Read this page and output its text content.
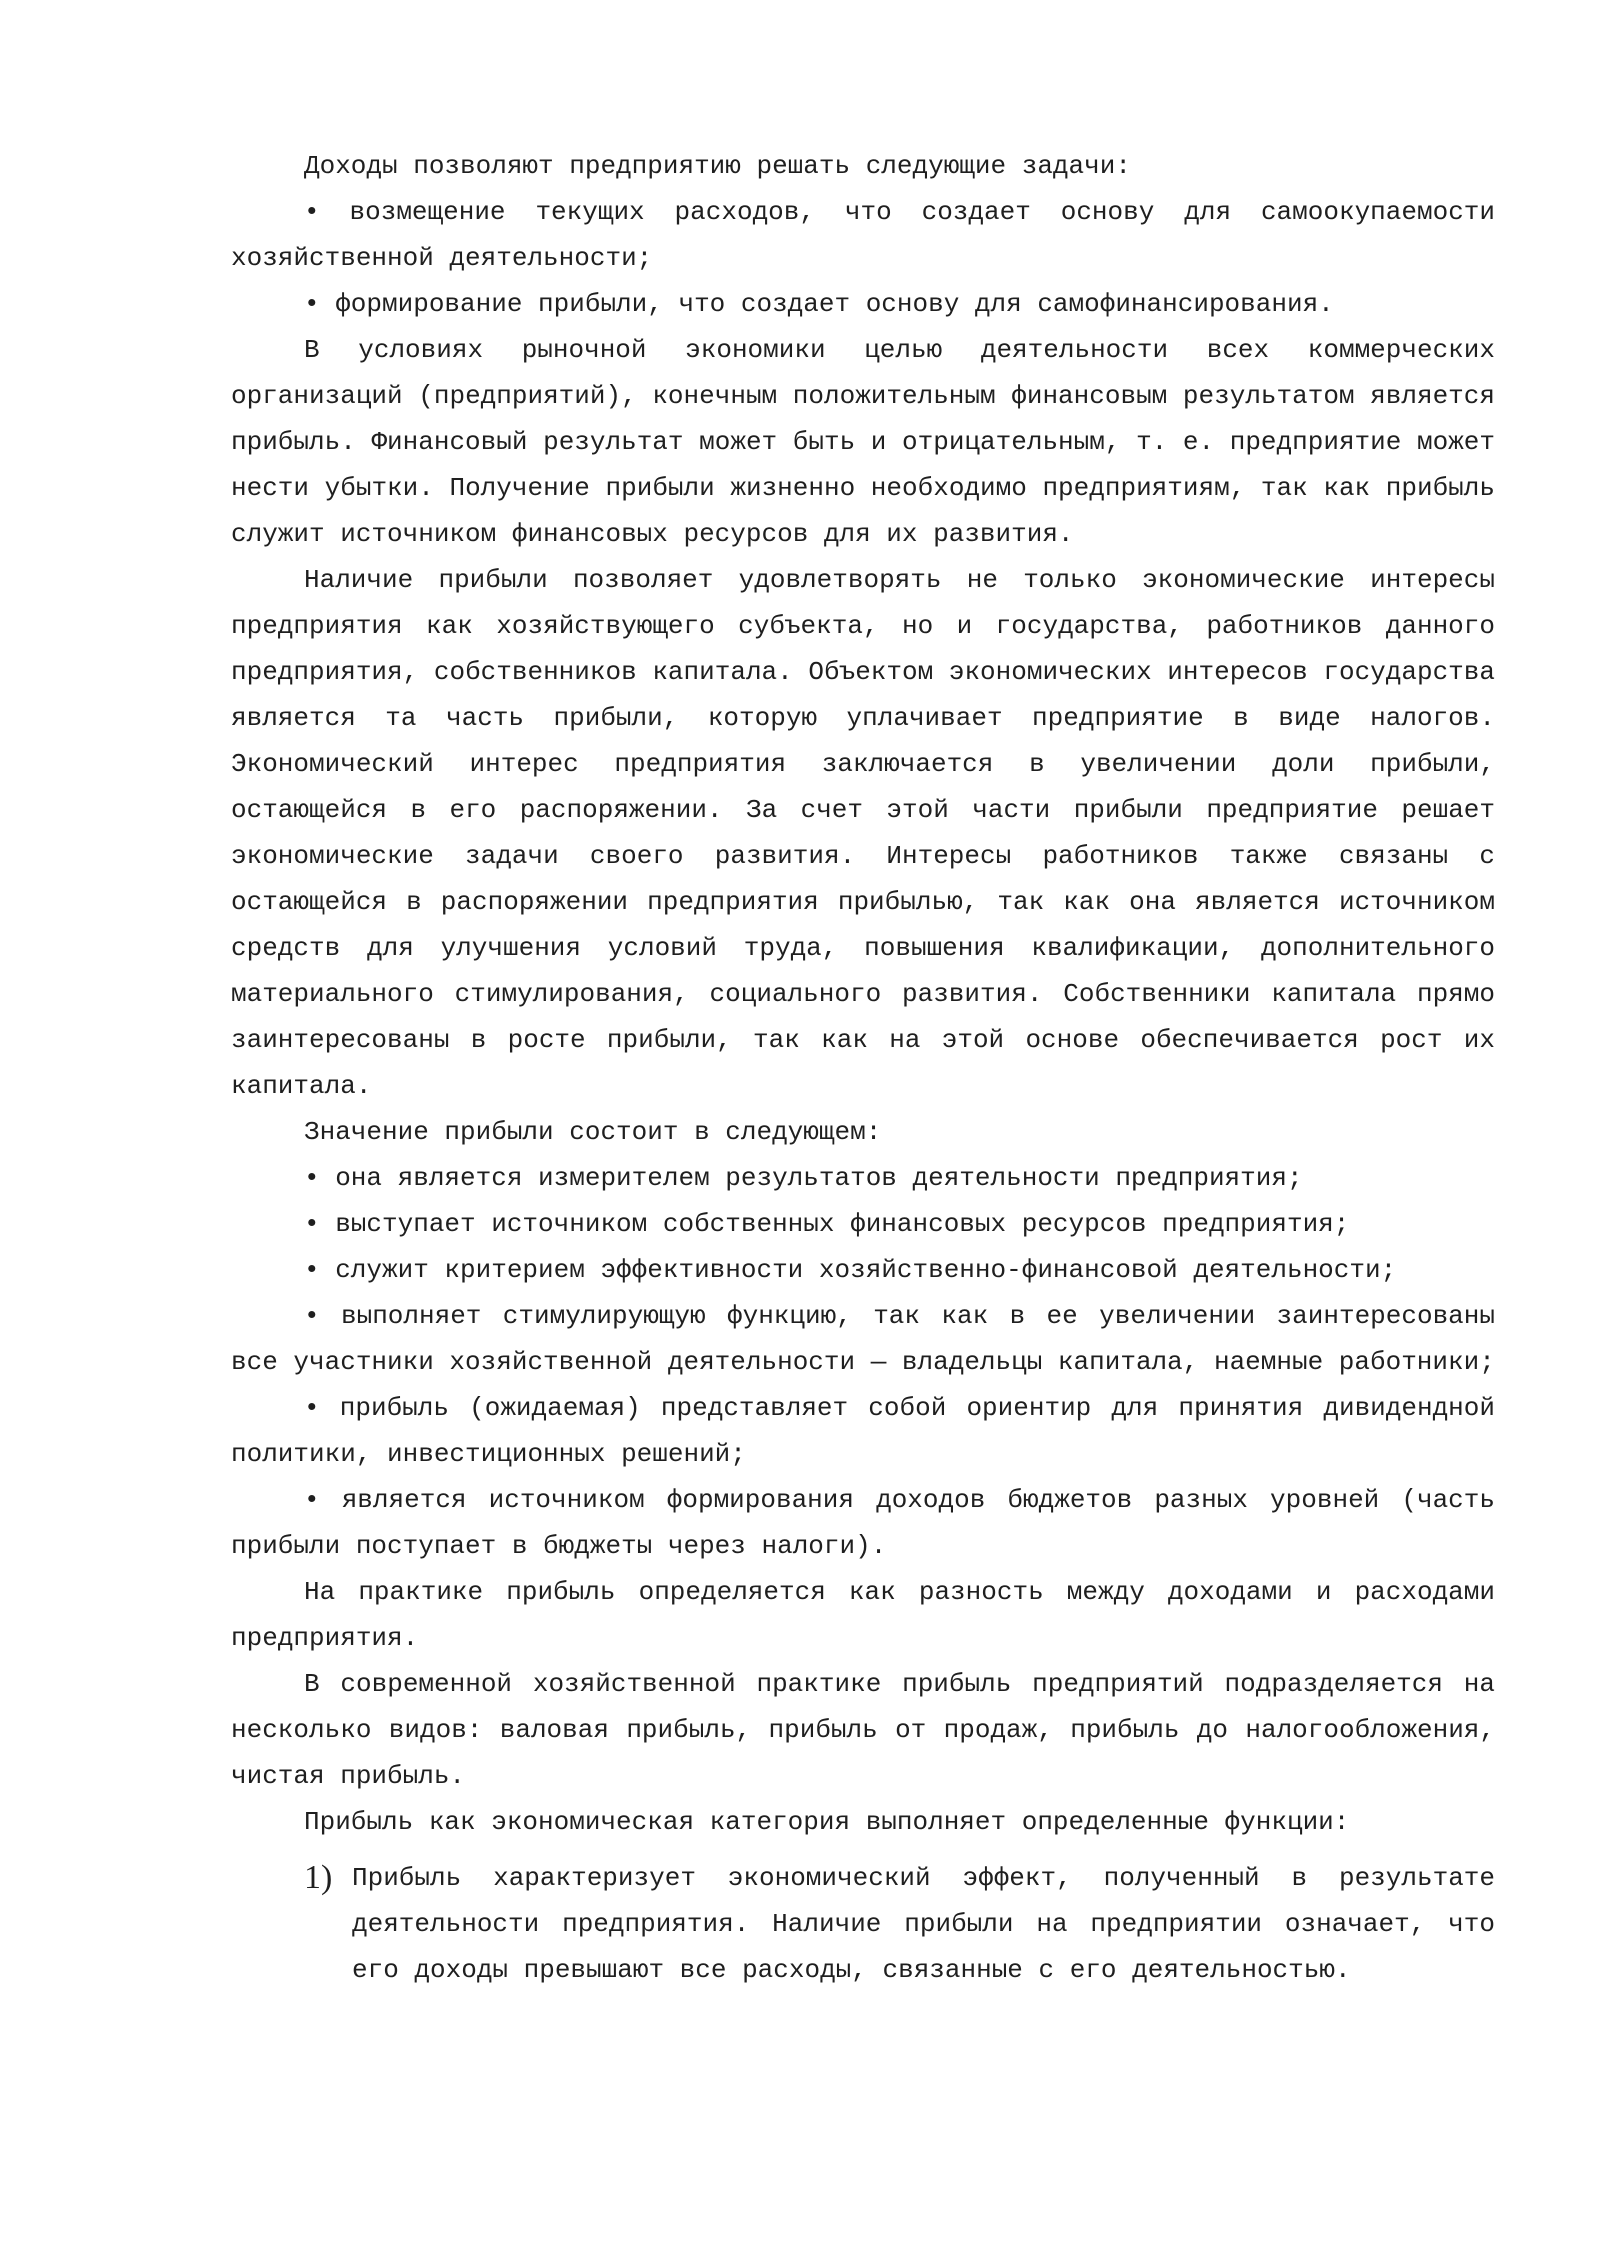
Доходы позволяют предприятию решать следующие задачи:

• возмещение текущих расходов, что создает основу для самоокупаемости хозяйственной деятельности;

• формирование прибыли, что создает основу для самофинансирования.

В условиях рыночной экономики целью деятельности всех коммерческих организаций (предприятий), конечным положительным финансовым результатом является прибыль. Финансовый результат может быть и отрицательным, т. е. предприятие может нести убытки. Получение прибыли жизненно необходимо предприятиям, так как прибыль служит источником финансовых ресурсов для их развития.

Наличие прибыли позволяет удовлетворять не только экономические интересы предприятия как хозяйствующего субъекта, но и государства, работников данного предприятия, собственников капитала. Объектом экономических интересов государства является та часть прибыли, которую уплачивает предприятие в виде налогов. Экономический интерес предприятия заключается в увеличении доли прибыли, остающейся в его распоряжении. За счет этой части прибыли предприятие решает экономические задачи своего развития. Интересы работников также связаны с остающейся в распоряжении предприятия прибылью, так как она является источником средств для улучшения условий труда, повышения квалификации, дополнительного материального стимулирования, социального развития. Собственники капитала прямо заинтересованы в росте прибыли, так как на этой основе обеспечивается рост их капитала.

Значение прибыли состоит в следующем:

• она является измерителем результатов деятельности предприятия;

• выступает источником собственных финансовых ресурсов предприятия;

• служит критерием эффективности хозяйственно-финансовой деятельности;

• выполняет стимулирующую функцию, так как в ее увеличении заинтересованы все участники хозяйственной деятельности — владельцы капитала, наемные работники;

• прибыль (ожидаемая) представляет собой ориентир для принятия дивидендной политики, инвестиционных решений;

• является источником формирования доходов бюджетов разных уровней (часть прибыли поступает в бюджеты через налоги).

На практике прибыль определяется как разность между доходами и расходами предприятия.

В современной хозяйственной практике прибыль предприятий подразделяется на несколько видов: валовая прибыль, прибыль от продаж, прибыль до налогообложения, чистая прибыль.

Прибыль как экономическая категория выполняет определенные функции:

1) Прибыль характеризует экономический эффект, полученный в результате деятельности предприятия. Наличие прибыли на предприятии означает, что его доходы превышают все расходы, связанные с его деятельностью.
